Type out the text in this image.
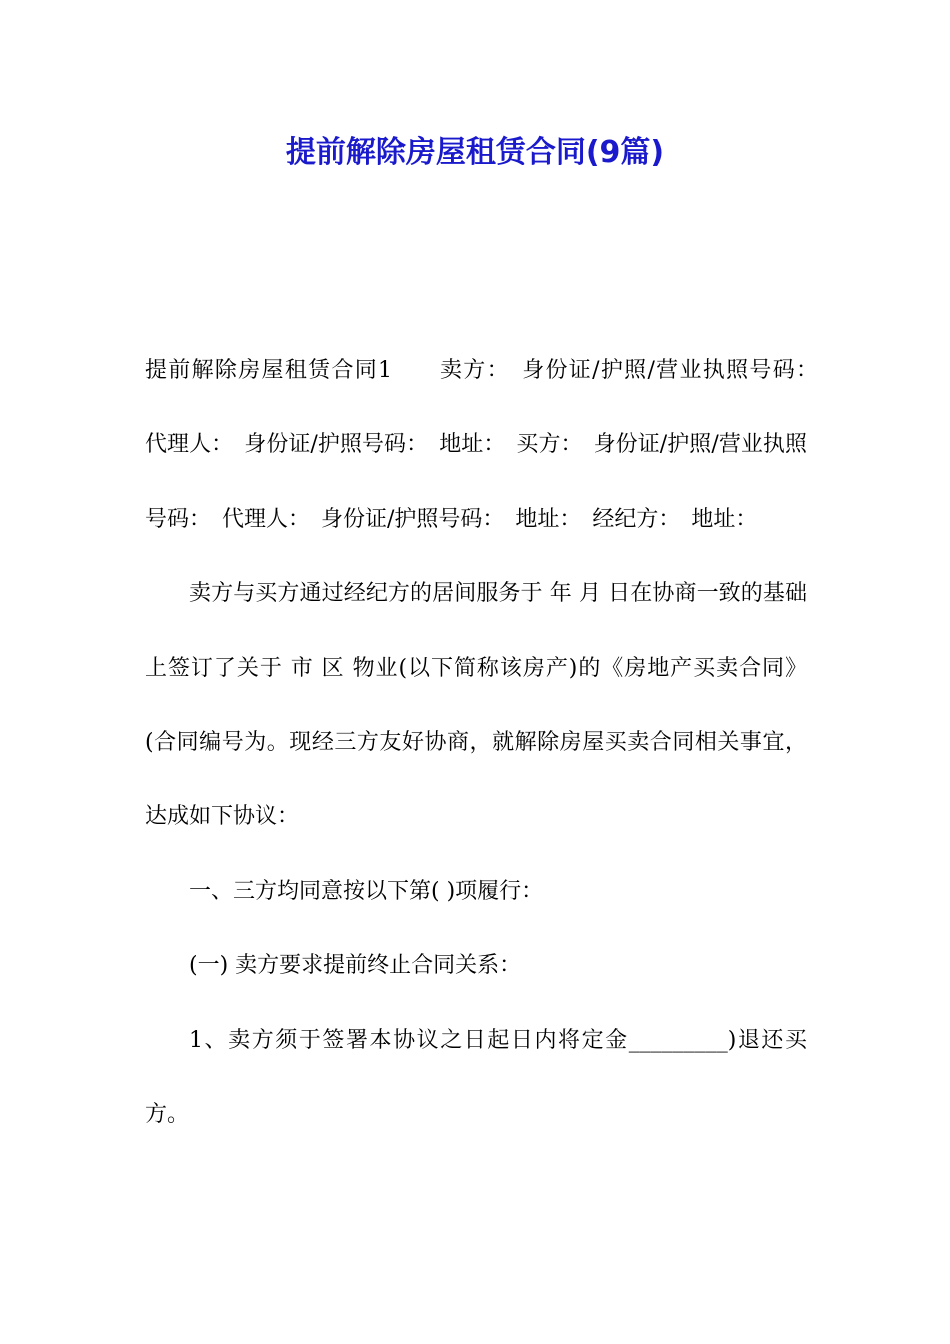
提前解除房屋租赁合同(9篇)

提前解除房屋租赁合同1　　卖方：　身份证/护照/营业执照号码：　代理人：　身份证/护照号码：　地址：　买方：　身份证/护照/营业执照号码：　代理人：　身份证/护照号码：　地址：　经纪方：　地址：

卖方与买方通过经纪方的居间服务于 年 月 日在协商一致的基础上签订了关于 市 区 物业(以下简称该房产)的《房地产买卖合同》(合同编号为。现经三方友好协商，就解除房屋买卖合同相关事宜，达成如下协议：

一、三方均同意按以下第( )项履行：

(一) 卖方要求提前终止合同关系：

1、卖方须于签署本协议之日起日内将定金_________)退还买方。
